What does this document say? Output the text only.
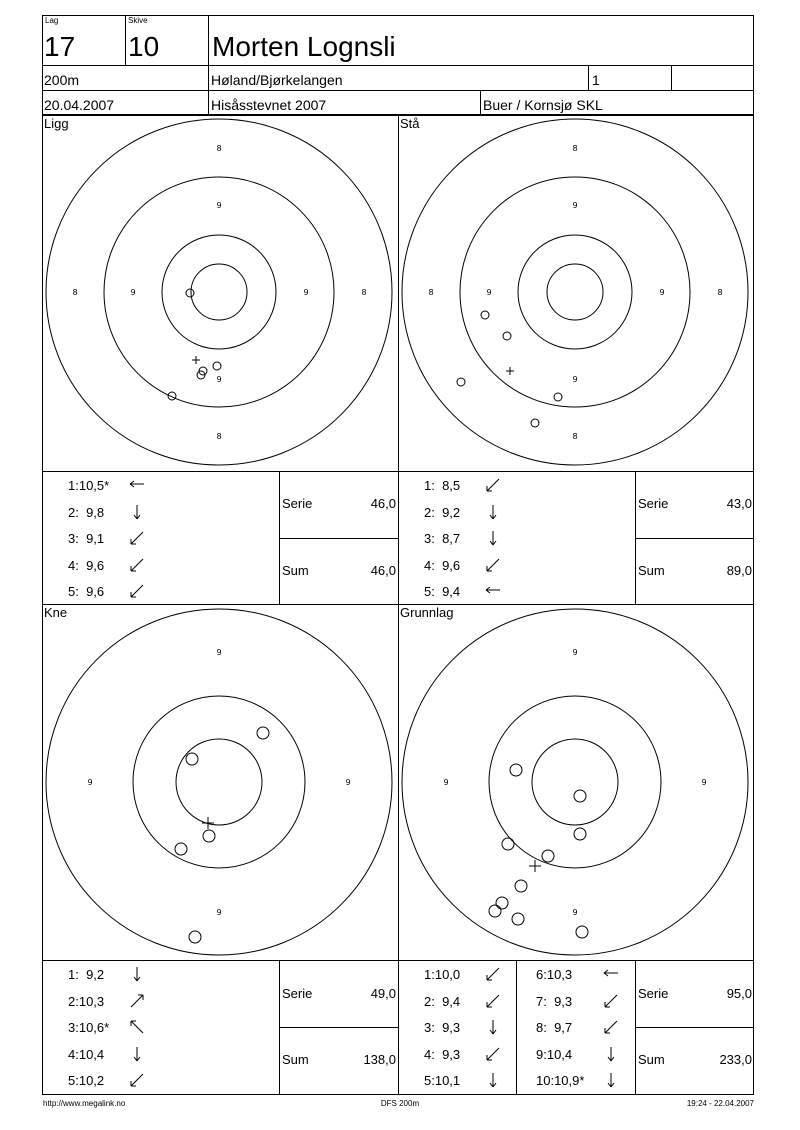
Lag
17
Skive
10 Morten Lognsli
200m	Høland/Bjørkelangen	1
20.04.2007	Hisåsstevnet 2007	Buer / Kornsjø SKL
Ligg	Stå
Kne	Grunnlag
8
9
9
8
8	9	9	8
8
9
9
8
8	9	9	8
9
9
9	9
9
9
9	9
1:10,5*
2:  9,8
3:  9,1
4:  9,6
5:  9,6
1:  8,5
2:  9,2
3:  8,7
4:  9,6
5:  9,4
1:  9,2
2:10,3
3:10,6*
4:10,4
5:10,2
1:10,0
2:  9,4
3:  9,3
4:  9,3
5:10,1
6:10,3
7:  9,3
8:  9,7
9:10,4
10:10,9*
Serie	46,0
Sum	46,0
Serie	43,0
Sum	89,0
Serie	49,0
Sum	138,0
Serie	95,0
Sum	233,0
http://www.megalink.no	DFS 200m	19:24 - 22.04.2007
